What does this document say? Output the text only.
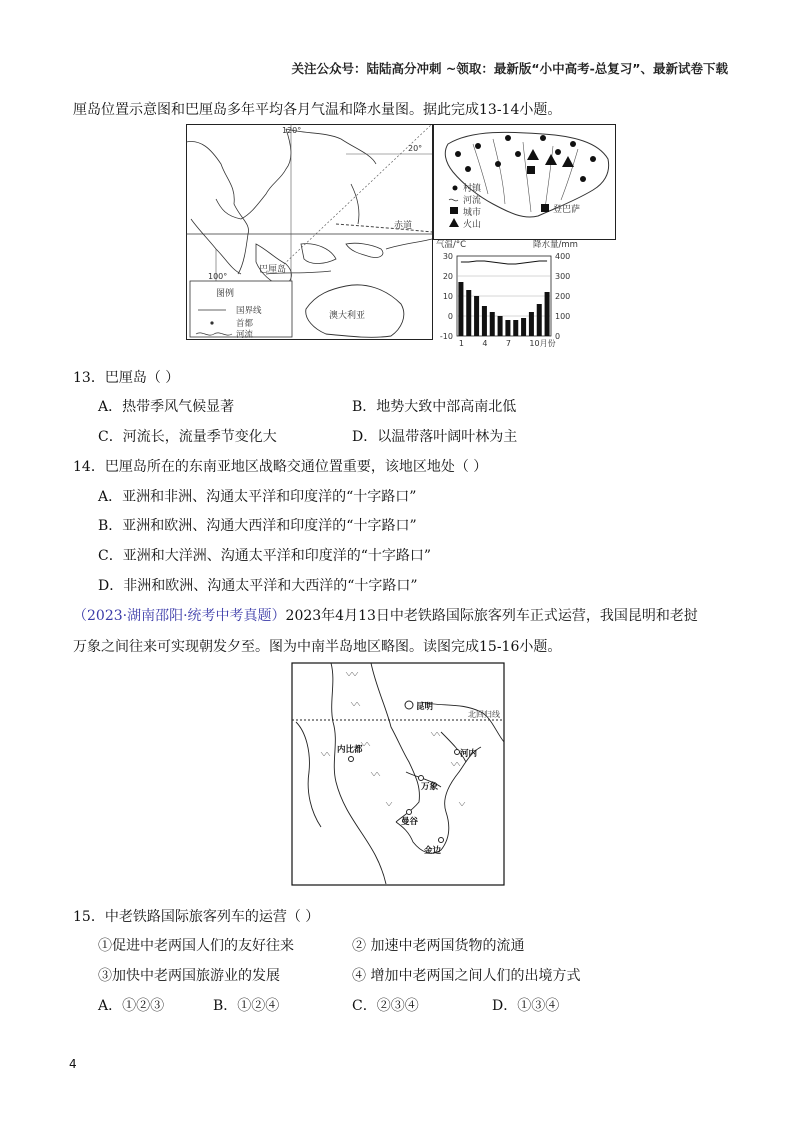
关注公众号：陆陆高分冲刺 ~领取：最新版“小中高考-总复习”、最新试卷下载
厘岛位置示意图和巴厘岛多年平均各月气温和降水量图。据此完成13-14小题。
120°
20°
100°
赤道
巴厘岛
澳大利亚
图例
国界线
首都
河流
村镇
河流
城市
火山
登巴萨
气温/°C	降水量/mm
30
20
10
0
-10
400
300
200
100
0
1 4 7 10月份
13．巴厘岛（ ）
A．热带季风气候显著	B．地势大致中部高南北低
C．河流长，流量季节变化大	D．以温带落叶阔叶林为主
14．巴厘岛所在的东南亚地区战略交通位置重要，该地区地处（ ）
A．亚洲和非洲、沟通太平洋和印度洋的“十字路口”
B．亚洲和欧洲、沟通大西洋和印度洋的“十字路口”
C．亚洲和大洋洲、沟通太平洋和印度洋的“十字路口”
D．非洲和欧洲、沟通太平洋和大西洋的“十字路口”
（2023·湖南邵阳·统考中考真题）2023年4月13日中老铁路国际旅客列车正式运营，我国昆明和老挝
万象之间往来可实现朝发夕至。图为中南半岛地区略图。读图完成15-16小题。
北回归线
昆明
内比都	河内
万象
曼谷
金边
15．中老铁路国际旅客列车的运营（ ）
①促进中老两国人们的友好往来	② 加速中老两国货物的流通
③加快中老两国旅游业的发展	④ 增加中老两国之间人们的出境方式
A．①②③	B．①②④	C．②③④	D．①③④
4
